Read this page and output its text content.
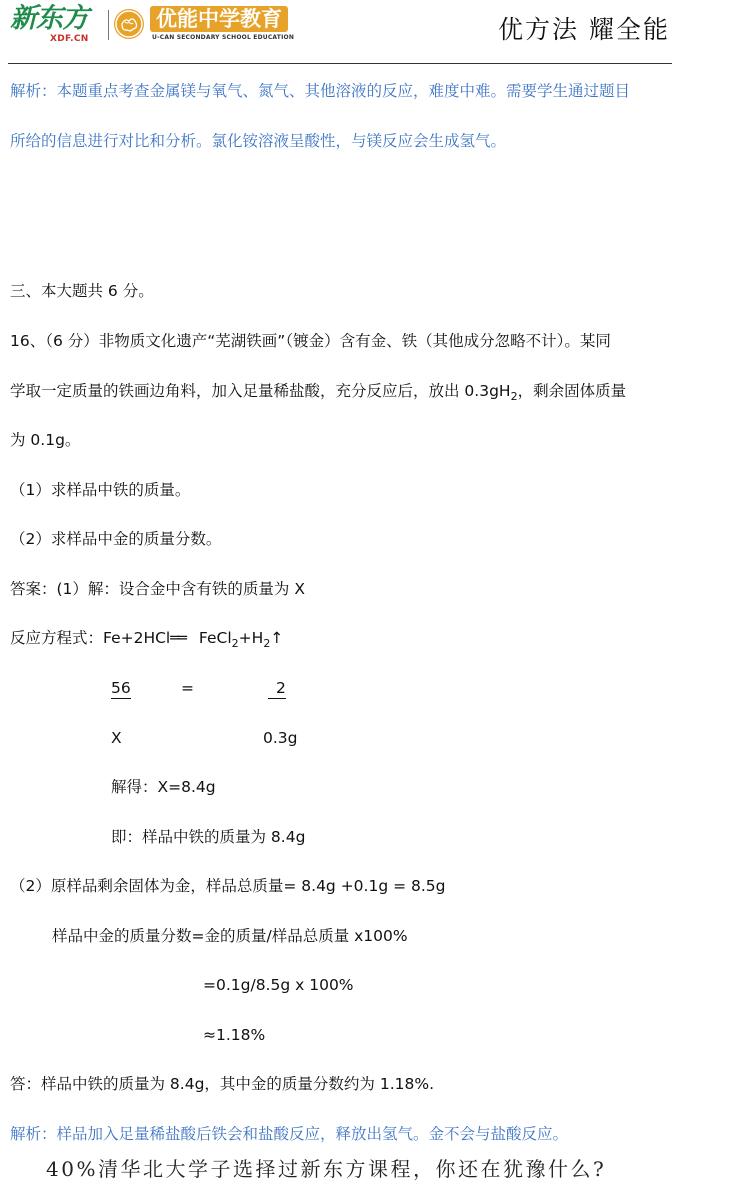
新东方
XDF.CN
优能中学教育
U-CAN SECONDARY SCHOOL EDUCATION	优方法 耀全能
解析：本题重点考查金属镁与氧气、氮气、其他溶液的反应，难度中难。需要学生通过题目
所给的信息进行对比和分析。氯化铵溶液呈酸性，与镁反应会生成氢气。
三、本大题共 6 分。
16、（6 分）非物质文化遗产“芜湖铁画”（镀金）含有金、铁（其他成分忽略不计）。某同
学取一定质量的铁画边角料，加入足量稀盐酸，充分反应后，放出 $0.3gH_2$，剩余固体质量
为 0.1g。
（1）求样品中铁的质量。
（2）求样品中金的质量分数。
答案：(1）解：设合金中含有铁的质量为 X
反应方程式：Fe+2HCl══ $FeCl_2+H_2↑$
56	=	2
X	0.3g
解得：X=8.4g
即：样品中铁的质量为 8.4g
（2）原样品剩余固体为金，样品总质量= 8.4g +0.1g = 8.5g
样品中金的质量分数=金的质量/样品总质量 x100%
=0.1g/8.5g x 100%
≈1.18%
答：样品中铁的质量为 8.4g，其中金的质量分数约为 1.18%.
解析：样品加入足量稀盐酸后铁会和盐酸反应，释放出氢气。金不会与盐酸反应。
40%清华北大学子选择过新东方课程，你还在犹豫什么?
